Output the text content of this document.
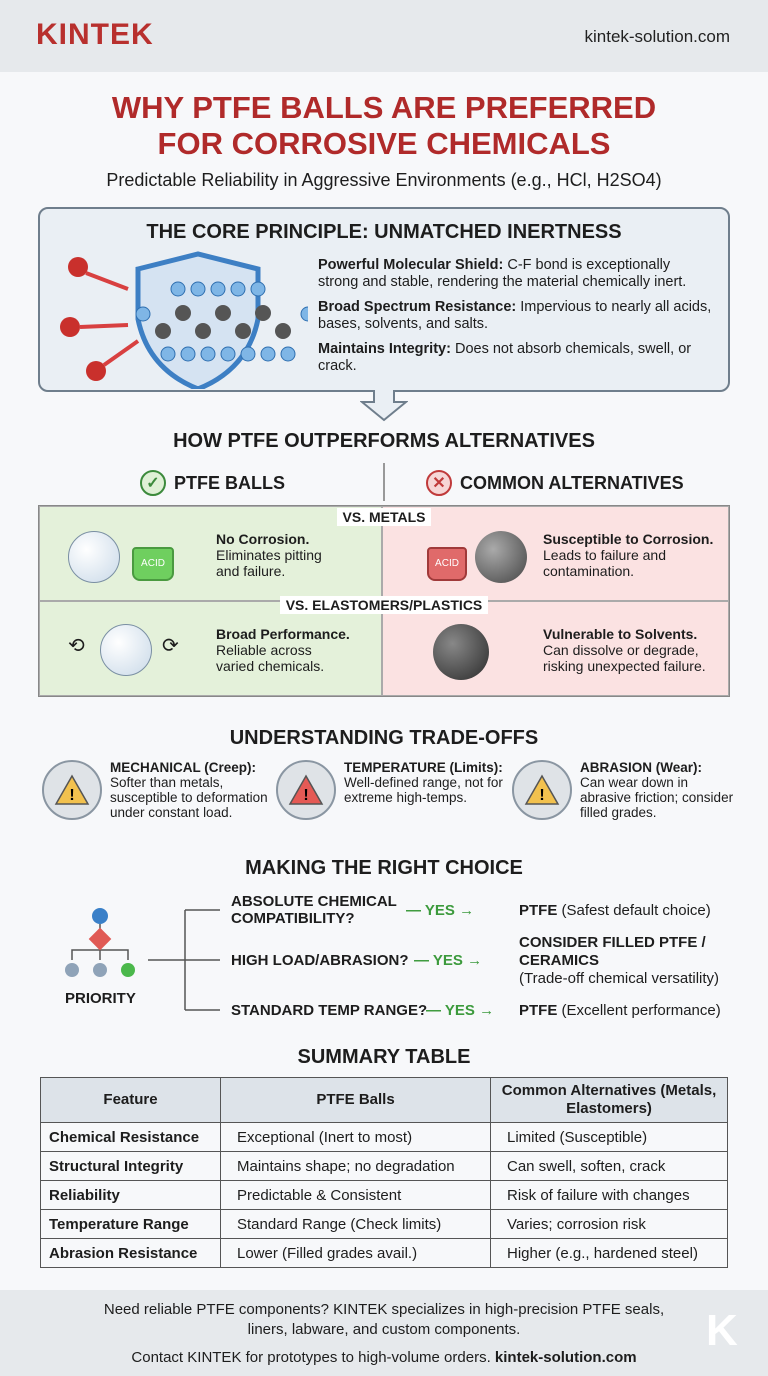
KINTEK	kintek-solution.com
WHY PTFE BALLS ARE PREFERRED
FOR CORROSIVE CHEMICALS
Predictable Reliability in Aggressive Environments (e.g., HCl, H2SO4)
THE CORE PRINCIPLE: UNMATCHED INERTNESS

Powerful Molecular Shield: C-F bond is exceptionally strong and stable, rendering the material chemically inert.

Broad Spectrum Resistance: Impervious to nearly all acids, bases, solvents, and salts.

Maintains Integrity: Does not absorb chemicals, swell, or crack.

HOW PTFE OUTPERFORMS ALTERNATIVES
✓ PTFE BALLS	✕ COMMON ALTERNATIVES
ACID
No Corrosion.
Eliminates pitting and failure.	ACID
Susceptible to Corrosion.
Leads to failure and contamination.
⟲	⟳
Broad Performance.
Reliable across varied chemicals.
Vulnerable to Solvents.
Can dissolve or degrade, risking unexpected failure.
VS. METALS
VS. ELASTOMERS/PLASTICS
UNDERSTANDING TRADE-OFFS
!
MECHANICAL (Creep):
Softer than metals, susceptible to deformation under constant load.
!
TEMPERATURE (Limits):
Well-defined range, not for extreme high-temps.	!
ABRASION (Wear):
Can wear down in abrasive friction; consider filled grades.
MAKING THE RIGHT CHOICE
PRIORITY
ABSOLUTE CHEMICAL COMPATIBILITY?	— YES →	PTFE (Safest default choice)
HIGH LOAD/ABRASION? — YES →
CONSIDER FILLED PTFE / CERAMICS
(Trade-off chemical versatility)
STANDARD TEMP RANGE?
— YES → PTFE (Excellent performance)
SUMMARY TABLE
Feature	PTFE Balls	Common Alternatives (Metals, Elastomers)
Chemical Resistance	Exceptional (Inert to most)	Limited (Susceptible)
Structural Integrity	Maintains shape; no degradation	Can swell, soften, crack
Reliability	Predictable & Consistent	Risk of failure with changes
Temperature Range	Standard Range (Check limits)	Varies; corrosion risk
Abrasion Resistance	Lower (Filled grades avail.)	Higher (e.g., hardened steel)
Need reliable PTFE components? KINTEK specializes in high-precision PTFE seals, liners, labware, and custom components.
Contact KINTEK for prototypes to high-volume orders. kintek-solution.com
K
